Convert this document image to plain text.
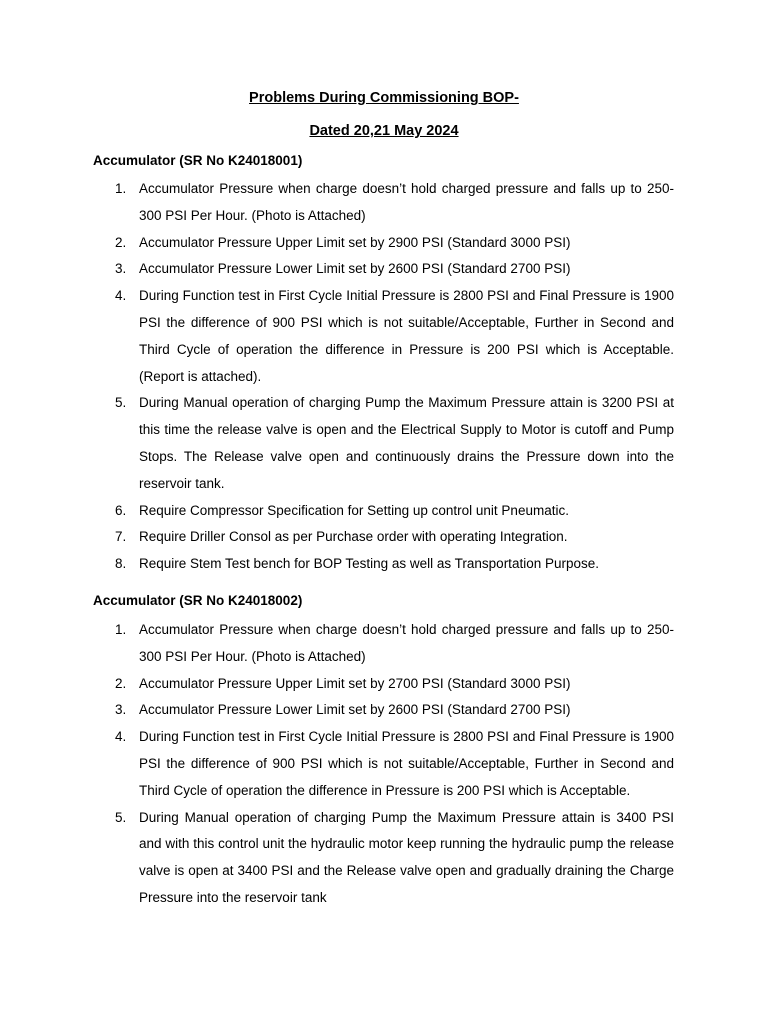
Problems During Commissioning BOP-
Dated 20,21 May 2024
Accumulator (SR No K24018001)
1. Accumulator Pressure when charge doesn’t hold charged pressure and falls up to 250-300 PSI Per Hour. (Photo is Attached)
2. Accumulator Pressure Upper Limit set by 2900 PSI (Standard 3000 PSI)
3. Accumulator Pressure Lower Limit set by 2600 PSI (Standard 2700 PSI)
4. During Function test in First Cycle Initial Pressure is 2800 PSI and Final Pressure is 1900 PSI the difference of 900 PSI which is not suitable/Acceptable, Further in Second and Third Cycle of operation the difference in Pressure is 200 PSI which is Acceptable. (Report is attached).
5. During Manual operation of charging Pump the Maximum Pressure attain is 3200 PSI at this time the release valve is open and the Electrical Supply to Motor is cutoff and Pump Stops. The Release valve open and continuously drains the Pressure down into the reservoir tank.
6. Require Compressor Specification for Setting up control unit Pneumatic.
7. Require Driller Consol as per Purchase order with operating Integration.
8. Require Stem Test bench for BOP Testing as well as Transportation Purpose.
Accumulator (SR No K24018002)
1. Accumulator Pressure when charge doesn’t hold charged pressure and falls up to 250-300 PSI Per Hour. (Photo is Attached)
2. Accumulator Pressure Upper Limit set by 2700 PSI (Standard 3000 PSI)
3. Accumulator Pressure Lower Limit set by 2600 PSI (Standard 2700 PSI)
4. During Function test in First Cycle Initial Pressure is 2800 PSI and Final Pressure is 1900 PSI the difference of 900 PSI which is not suitable/Acceptable, Further in Second and Third Cycle of operation the difference in Pressure is 200 PSI which is Acceptable.
5. During Manual operation of charging Pump the Maximum Pressure attain is 3400 PSI and with this control unit the hydraulic motor keep running the hydraulic pump the release valve is open at 3400 PSI and the Release valve open and gradually draining the Charge Pressure into the reservoir tank
